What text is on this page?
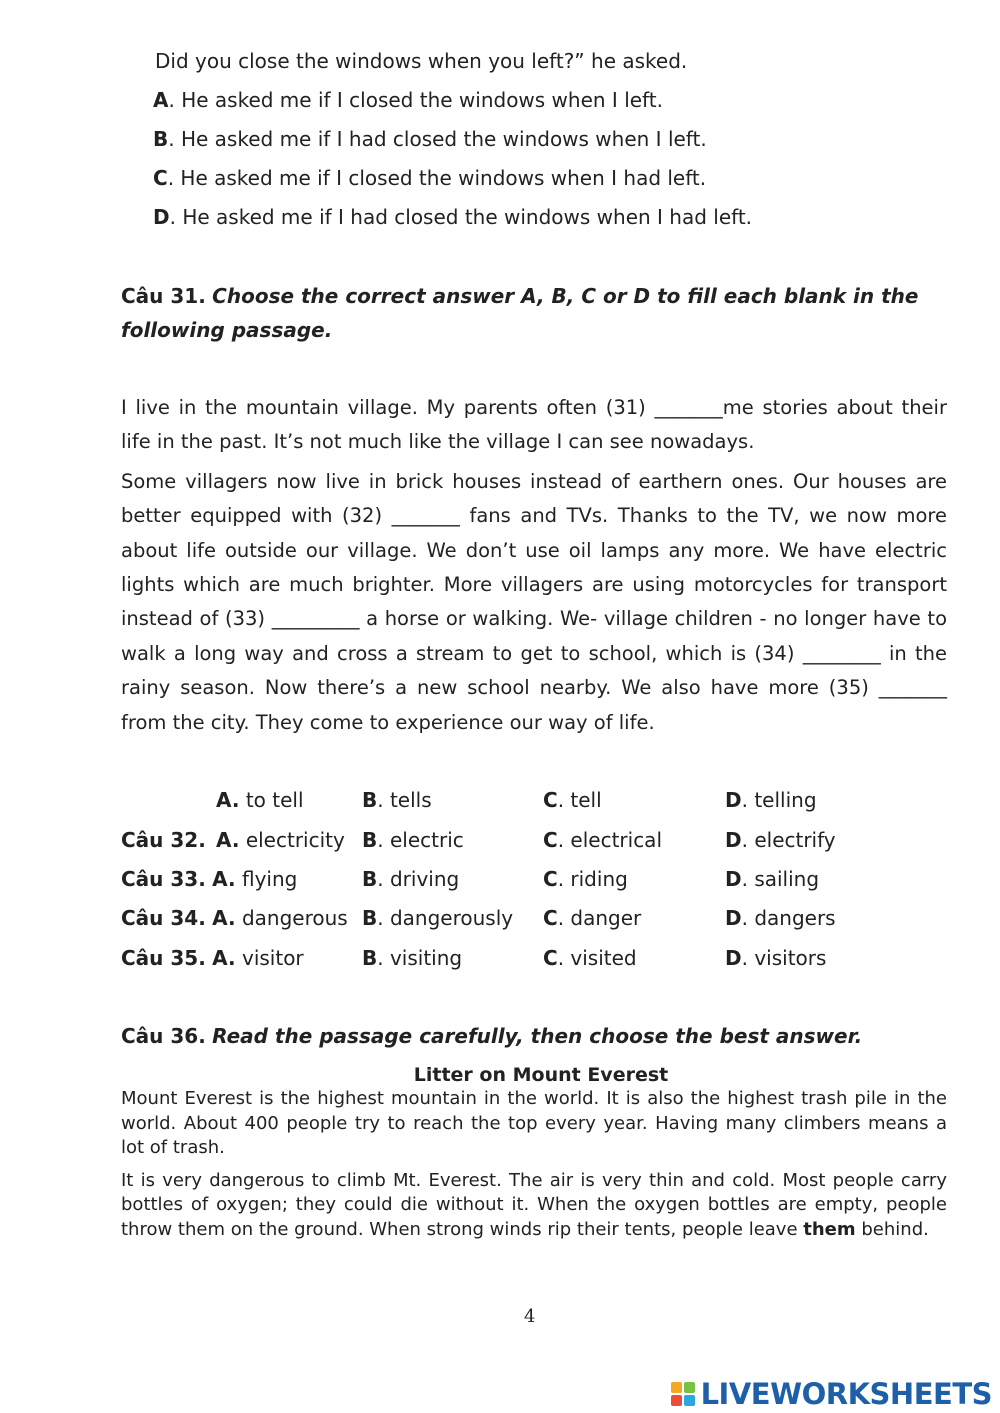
Did you close the windows when you left?” he asked.
A. He asked me if I closed the windows when I left.
B. He asked me if I had closed the windows when I left.
C. He asked me if I closed the windows when I had left.
D. He asked me if I had closed the windows when I had left.
Câu 31. Choose the correct answer A, B, C or D to fill each blank in the following passage.

I live in the mountain village. My parents often (31) _______me stories about their life in the past. It’s not much like the village I can see nowadays.

Some villagers now live in brick houses instead of earthern ones. Our houses are better equipped with (32) _______ fans and TVs. Thanks to the TV, we now more about life outside our village. We don’t use oil lamps any more. We have electric lights which are much brighter. More villagers are using motorcycles for transport instead of (33) _________ a horse or walking. We- village children - no longer have to walk a long way and cross a stream to get to school, which is (34) ________ in the rainy season. Now there’s a new school nearby. We also have more (35) _______ from the city. They come to experience our way of life.

A. to tell	B. tells	C. tell	D. telling
Câu 32. A. electricity B. electric	C. electrical	D. electrify
Câu 33. A. flying	B. driving	C. riding	D. sailing
Câu 34. A. dangerous B. dangerously C. danger	D. dangers
Câu 35. A. visitor	B. visiting	C. visited	D. visitors
Câu 36. Read the passage carefully, then choose the best answer.
Litter on Mount Everest

Mount Everest is the highest mountain in the world. It is also the highest trash pile in the world. About 400 people try to reach the top every year. Having many climbers means a lot of trash.

It is very dangerous to climb Mt. Everest. The air is very thin and cold. Most people carry bottles of oxygen; they could die without it. When the oxygen bottles are empty, people throw them on the ground. When strong winds rip their tents, people leave them behind.

4
LIVEWORKSHEETS
